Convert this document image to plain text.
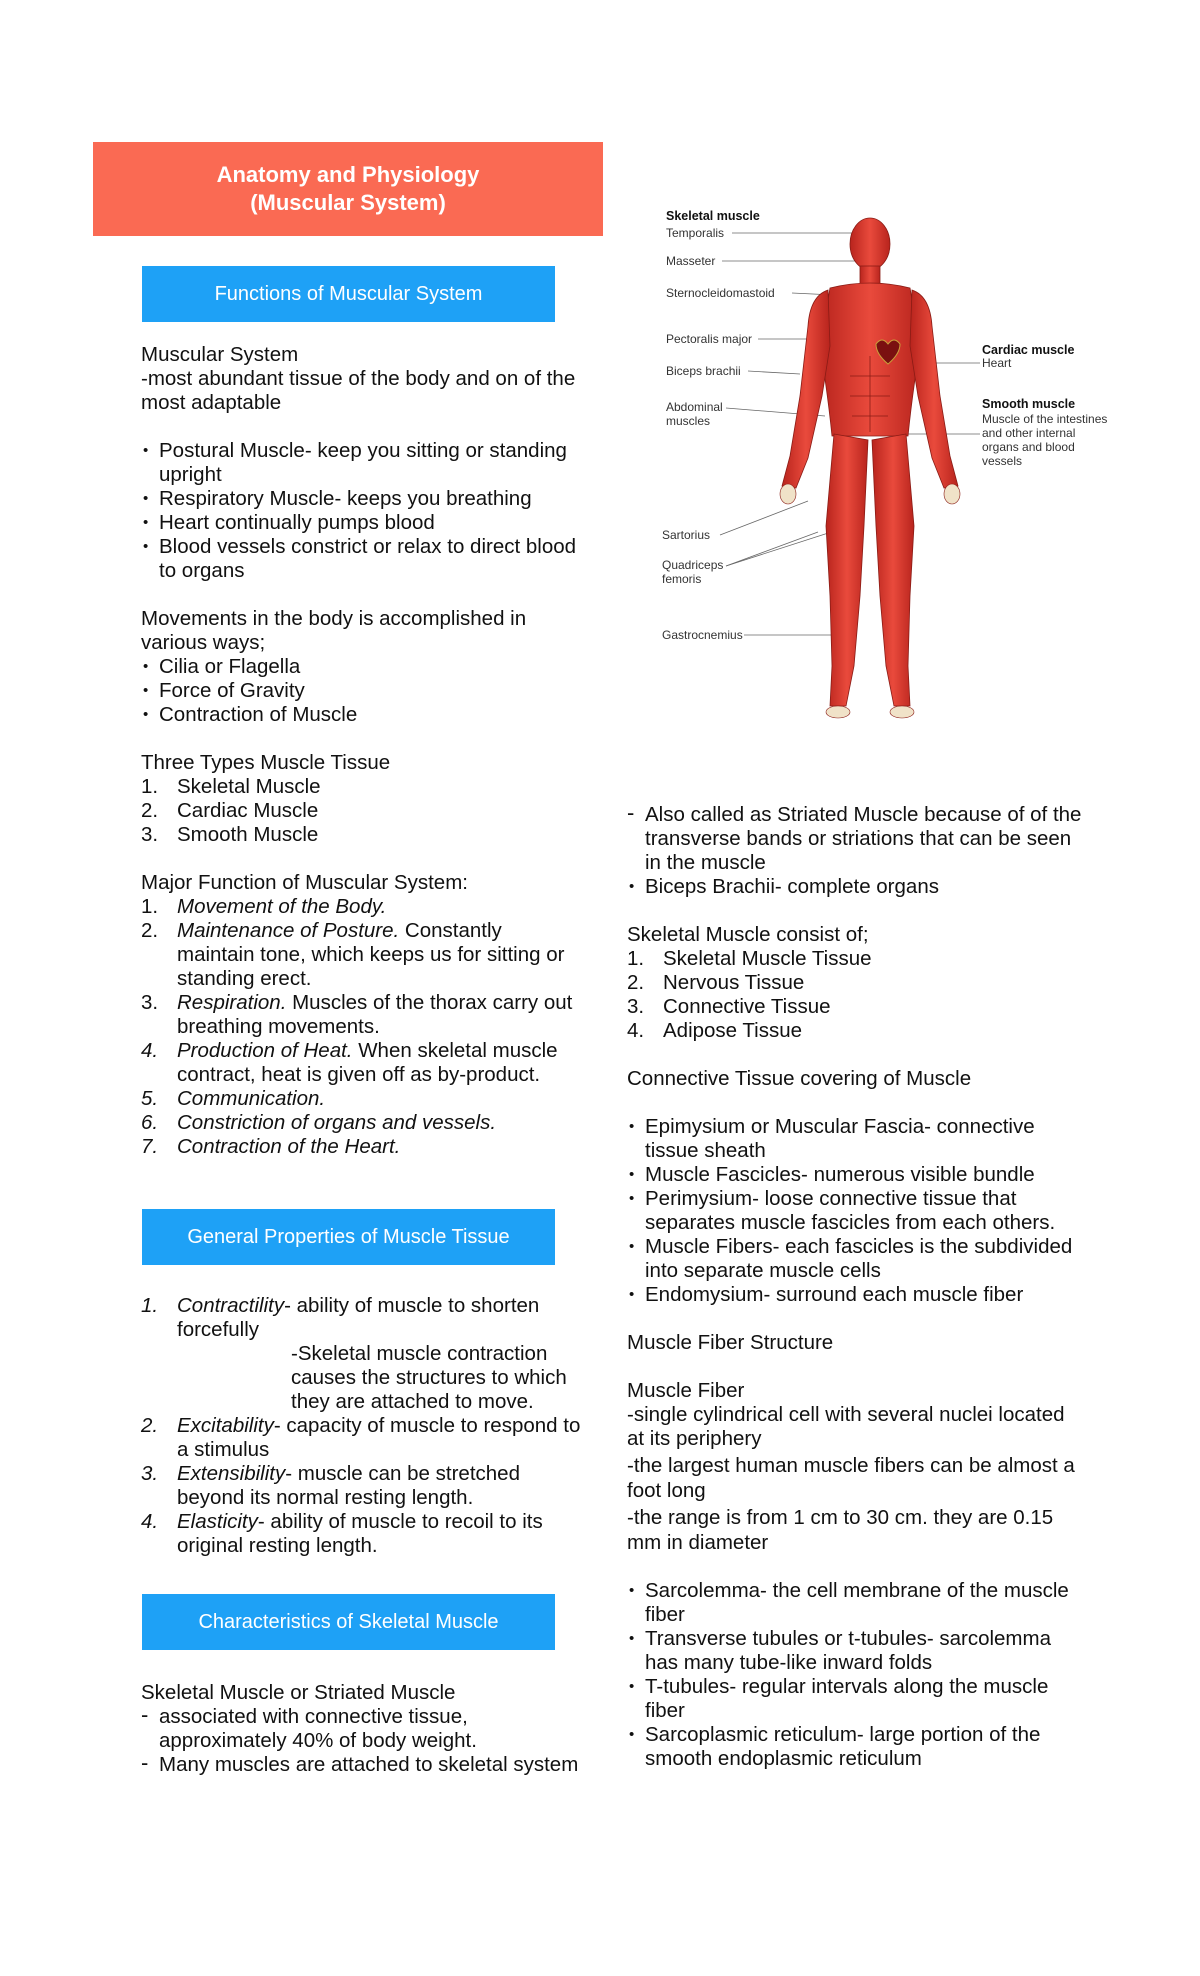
Anatomy and Physiology
(Muscular System)
Functions of Muscular System

Muscular System

-most abundant tissue of the body and on of the most adaptable

• Postural Muscle- keep you sitting or standing upright
• Respiratory Muscle- keeps you breathing
• Heart continually pumps blood
• Blood vessels constrict or relax to direct blood to organs

Movements in the body is accomplished in various ways;

• Cilia or Flagella
• Force of Gravity
• Contraction of Muscle

Three Types Muscle Tissue

1. Skeletal Muscle
2. Cardiac Muscle
3. Smooth Muscle

Major Function of Muscular System:

1. Movement of the Body.
2. Maintenance of Posture. Constantly maintain tone, which keeps us for sitting or standing erect.
3. Respiration. Muscles of the thorax carry out breathing movements.
4. Production of Heat. When skeletal muscle contract, heat is given off as by-product.
5. Communication.
6. Constriction of organs and vessels.
7. Contraction of the Heart.
General Properties of Muscle Tissue
1. Contractility- ability of muscle to shorten forcefully

-Skeletal muscle contraction causes the structures to which they are attached to move.

2. Excitability- capacity of muscle to respond to a stimulus
3. Extensibility- muscle can be stretched beyond its normal resting length.
4. Elasticity- ability of muscle to recoil to its original resting length.
Characteristics of Skeletal Muscle

Skeletal Muscle or Striated Muscle

- associated with connective tissue, approximately 40% of body weight.
- Many muscles are attached to skeletal system
Skeletal muscle
Temporalis
Masseter
Sternocleidomastoid
Pectoralis major
Biceps brachii
Abdominal muscles
Sartorius
Quadriceps femoris
Gastrocnemius
Cardiac muscle
Heart
Smooth muscle
Muscle of the intestines and other internal organs and blood vessels
- Also called as Striated Muscle because of of the transverse bands or striations that can be seen in the muscle
• Biceps Brachii- complete organs

Skeletal Muscle consist of;

1. Skeletal Muscle Tissue
2. Nervous Tissue
3. Connective Tissue
4. Adipose Tissue

Connective Tissue covering of Muscle

• Epimysium or Muscular Fascia- connective tissue sheath
• Muscle Fascicles- numerous visible bundle
• Perimysium- loose connective tissue that separates muscle fascicles from each others.
• Muscle Fibers- each fascicles is the subdivided into separate muscle cells
• Endomysium- surround each muscle fiber

Muscle Fiber Structure

Muscle Fiber

-single cylindrical cell with several nuclei located at its periphery

-the largest human muscle fibers can be almost a foot long

-the range is from 1 cm to 30 cm. they are 0.15 mm in diameter

• Sarcolemma- the cell membrane of the muscle fiber
• Transverse tubules or t-tubules- sarcolemma has many tube-like inward folds
• T-tubules- regular intervals along the muscle fiber
• Sarcoplasmic reticulum- large portion of the smooth endoplasmic reticulum
